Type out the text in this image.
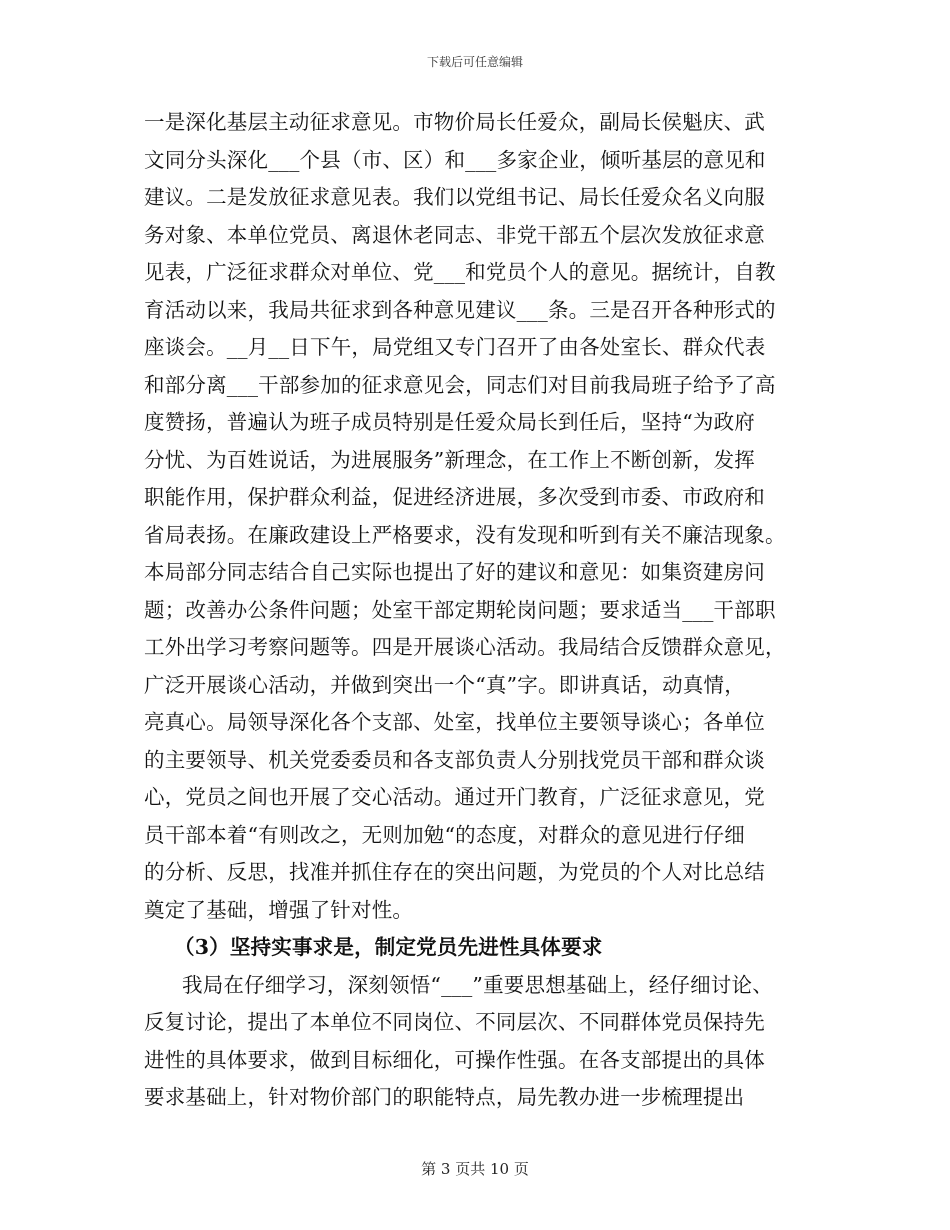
下载后可任意编辑
一是深化基层主动征求意见。市物价局长任爱众，副局长侯魁庆、武
文同分头深化___个县（市、区）和___多家企业，倾听基层的意见和
建议。二是发放征求意见表。我们以党组书记、局长任爱众名义向服
务对象、本单位党员、离退休老同志、非党干部五个层次发放征求意
见表，广泛征求群众对单位、党___和党员个人的意见。据统计，自教
育活动以来，我局共征求到各种意见建议___条。三是召开各种形式的
座谈会。__月__日下午，局党组又专门召开了由各处室长、群众代表
和部分离___干部参加的征求意见会，同志们对目前我局班子给予了高
度赞扬，普遍认为班子成员特别是任爱众局长到任后，坚持“为政府
分忧、为百姓说话，为进展服务”新理念，在工作上不断创新，发挥
职能作用，保护群众利益，促进经济进展，多次受到市委、市政府和
省局表扬。在廉政建设上严格要求，没有发现和听到有关不廉洁现象。
本局部分同志结合自己实际也提出了好的建议和意见：如集资建房问
题；改善办公条件问题；处室干部定期轮岗问题；要求适当___干部职
工外出学习考察问题等。四是开展谈心活动。我局结合反馈群众意见，
广泛开展谈心活动，并做到突出一个“真”字。即讲真话，动真情，
亮真心。局领导深化各个支部、处室，找单位主要领导谈心；各单位
的主要领导、机关党委委员和各支部负责人分别找党员干部和群众谈
心，党员之间也开展了交心活动。通过开门教育，广泛征求意见，党
员干部本着“有则改之，无则加勉“的态度，对群众的意见进行仔细
的分析、反思，找准并抓住存在的突出问题，为党员的个人对比总结
奠定了基础，增强了针对性。
（3）坚持实事求是，制定党员先进性具体要求
我局在仔细学习，深刻领悟“___”重要思想基础上，经仔细讨论、
反复讨论，提出了本单位不同岗位、不同层次、不同群体党员保持先
进性的具体要求，做到目标细化，可操作性强。在各支部提出的具体
要求基础上，针对物价部门的职能特点，局先教办进一步梳理提出
第 3 页共 10 页
